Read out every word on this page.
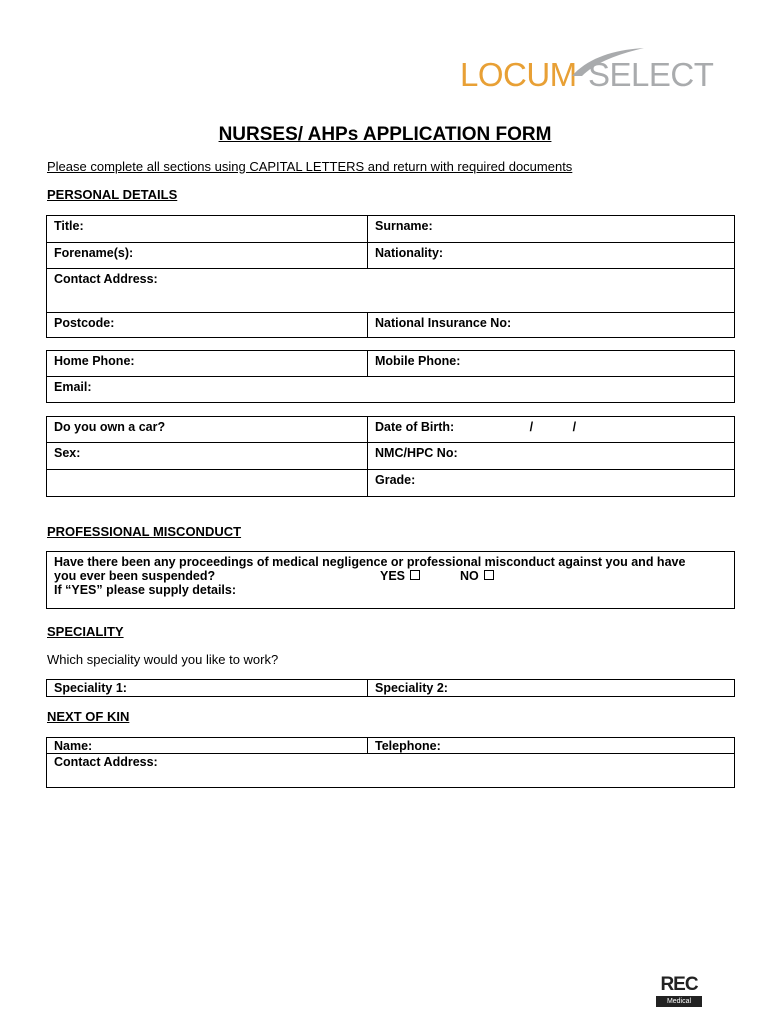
LOCUM SELECT
NURSES/ AHPs APPLICATION FORM
Please complete all sections using CAPITAL LETTERS and return with required documents
PERSONAL DETAILS
Title:	Surname:
Forename(s):	Nationality:
Contact Address:	
Postcode:	National Insurance No:
Home Phone:	Mobile Phone:
Email:
Do you own a car?	Date of Birth: / /
Sex:	NMC/HPC No:
	Grade:
PROFESSIONAL MISCONDUCT
Have there been any proceedings of medical negligence or professional misconduct against you and have
you ever been suspended?	YES	NO
If “YES” please supply details:
SPECIALITY
Which speciality would you like to work?
Speciality 1:	Speciality 2:
NEXT OF KIN
Name:	Telephone:
Contact Address:
REC
Medical
